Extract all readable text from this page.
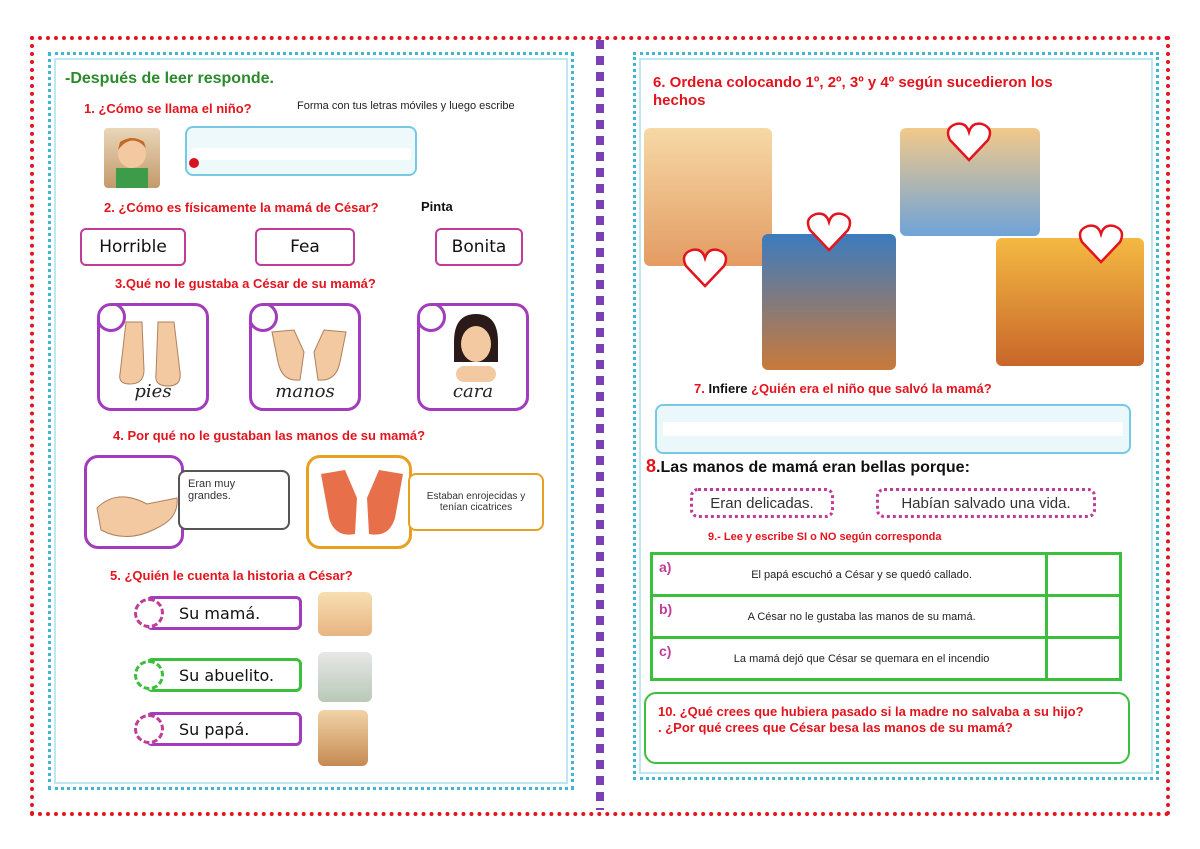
-Después de leer responde.
1. ¿Cómo se llama el niño?	Forma con tus letras móviles y luego escribe
2. ¿Cómo es físicamente la mamá de César?	Pinta
Horrible	Fea	Bonita
3.Qué no le gustaba a César de su mamá?
pies	manos	cara
4. Por qué no le gustaban las manos de su mamá?
Eran muy grandes.	Estaban enrojecidas y tenían cicatrices
5. ¿Quién le cuenta la historia a César?
Su mamá.
Su abuelito.
Su papá.
6. Ordena colocando 1º, 2º, 3º y 4º según sucedieron los hechos
7. Infiere ¿Quién era el niño que salvó la mamá?
8.Las manos de mamá eran bellas porque:
Eran delicadas.	Habían salvado una vida.
9.- Lee y escribe SI o NO según corresponda
a)	El papá escuchó a César y se quedó callado.	
b)	A César no le gustaba las manos de su mamá.	
c)	La mamá dejó que César se quemara en el incendio	
10. ¿Qué crees que hubiera pasado si la madre no salvaba a su hijo?
. ¿Por qué crees que César besa las manos de su mamá?
